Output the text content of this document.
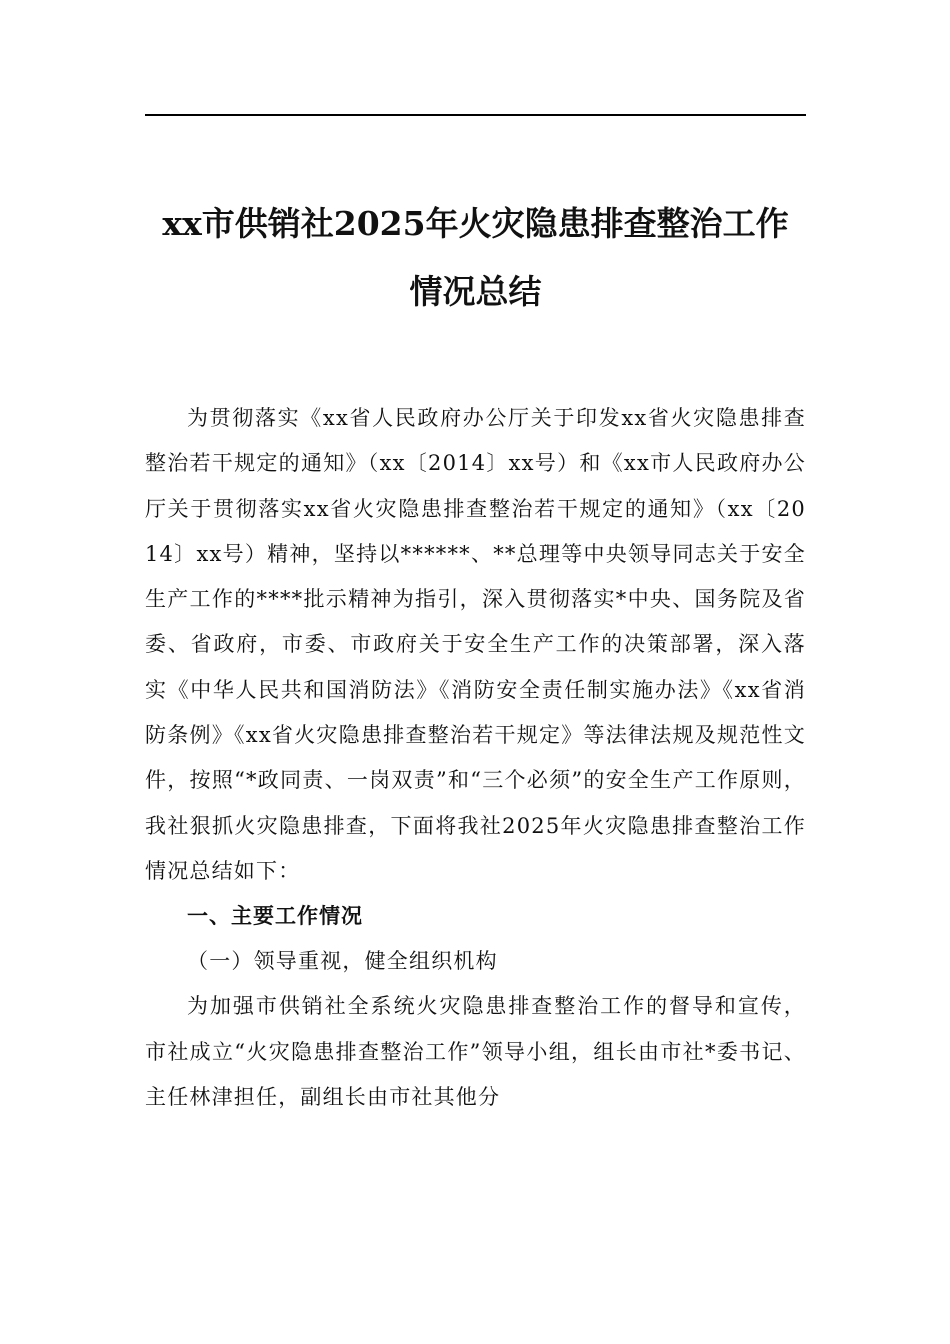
xx市供销社2025年火灾隐患排查整治工作
情况总结

为贯彻落实《xx省人民政府办公厅关于印发xx省火灾隐患排查整治若干规定的通知》（xx〔2014〕xx号）和《xx市人民政府办公厅关于贯彻落实xx省火灾隐患排查整治若干规定的通知》（xx〔2014〕xx号）精神，坚持以******、**总理等中央领导同志关于安全生产工作的****批示精神为指引，深入贯彻落实*中央、国务院及省委、省政府，市委、市政府关于安全生产工作的决策部署，深入落实《中华人民共和国消防法》《消防安全责任制实施办法》《xx省消防条例》《xx省火灾隐患排查整治若干规定》等法律法规及规范性文件，按照“*政同责、一岗双责”和“三个必须”的安全生产工作原则，我社狠抓火灾隐患排查，下面将我社2025年火灾隐患排查整治工作情况总结如下：

一、主要工作情况

（一）领导重视，健全组织机构

为加强市供销社全系统火灾隐患排查整治工作的督导和宣传，市社成立“火灾隐患排查整治工作”领导小组，组长由市社*委书记、主任林津担任，副组长由市社其他分
